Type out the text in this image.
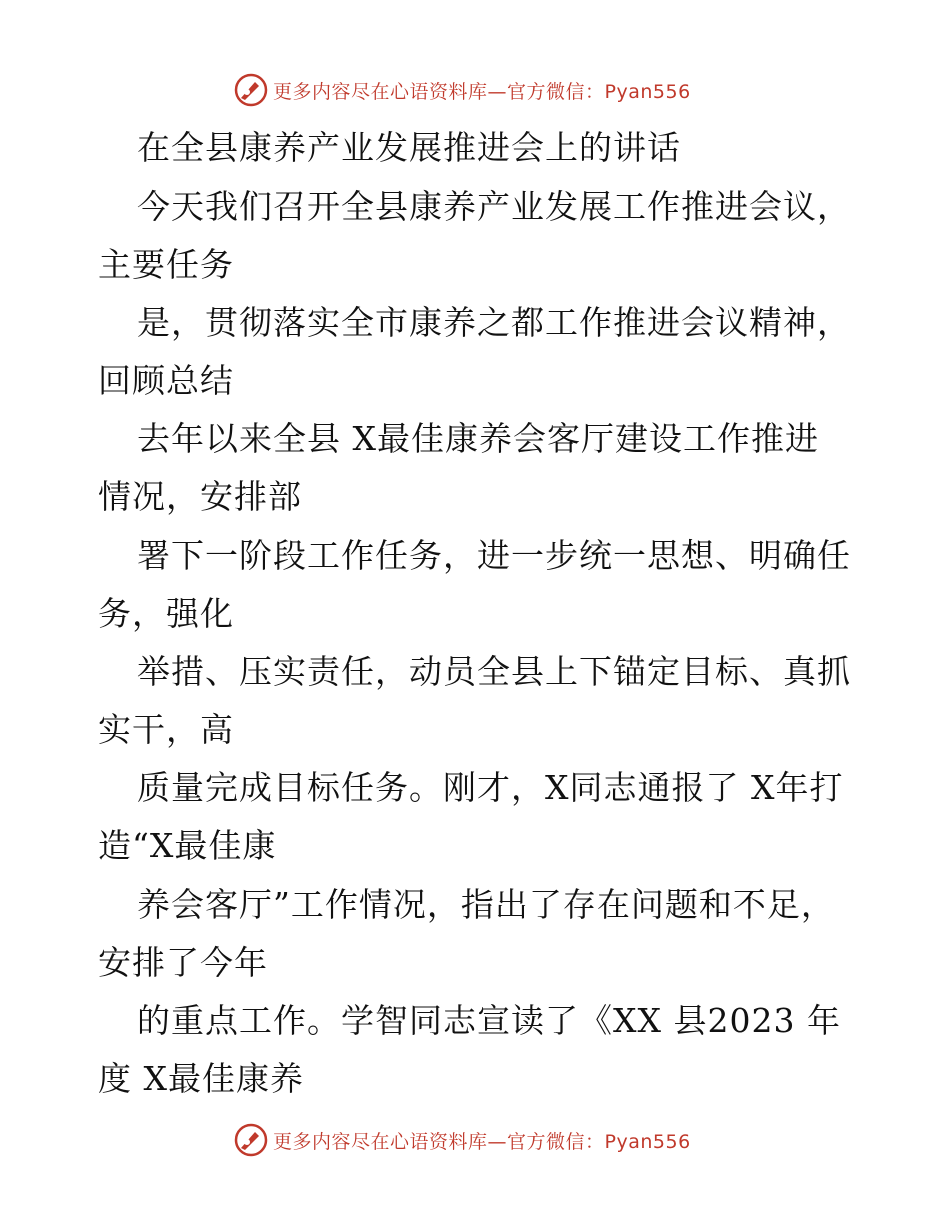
更多内容尽在心语资料库—官方微信：Pyan556
在全县康养产业发展推进会上的讲话
今天我们召开全县康养产业发展工作推进会议，
主要任务
是，贯彻落实全市康养之都工作推进会议精神，
回顾总结
去年以来全县 X最佳康养会客厅建设工作推进
情况，安排部
署下一阶段工作任务，进一步统一思想、明确任
务，强化
举措、压实责任，动员全县上下锚定目标、真抓
实干，高
质量完成目标任务。刚才，X同志通报了 X年打
造“X最佳康
养会客厅”工作情况，指出了存在问题和不足，
安排了今年
的重点工作。学智同志宣读了《XX 县2023 年
度 X最佳康养
更多内容尽在心语资料库—官方微信：Pyan556
